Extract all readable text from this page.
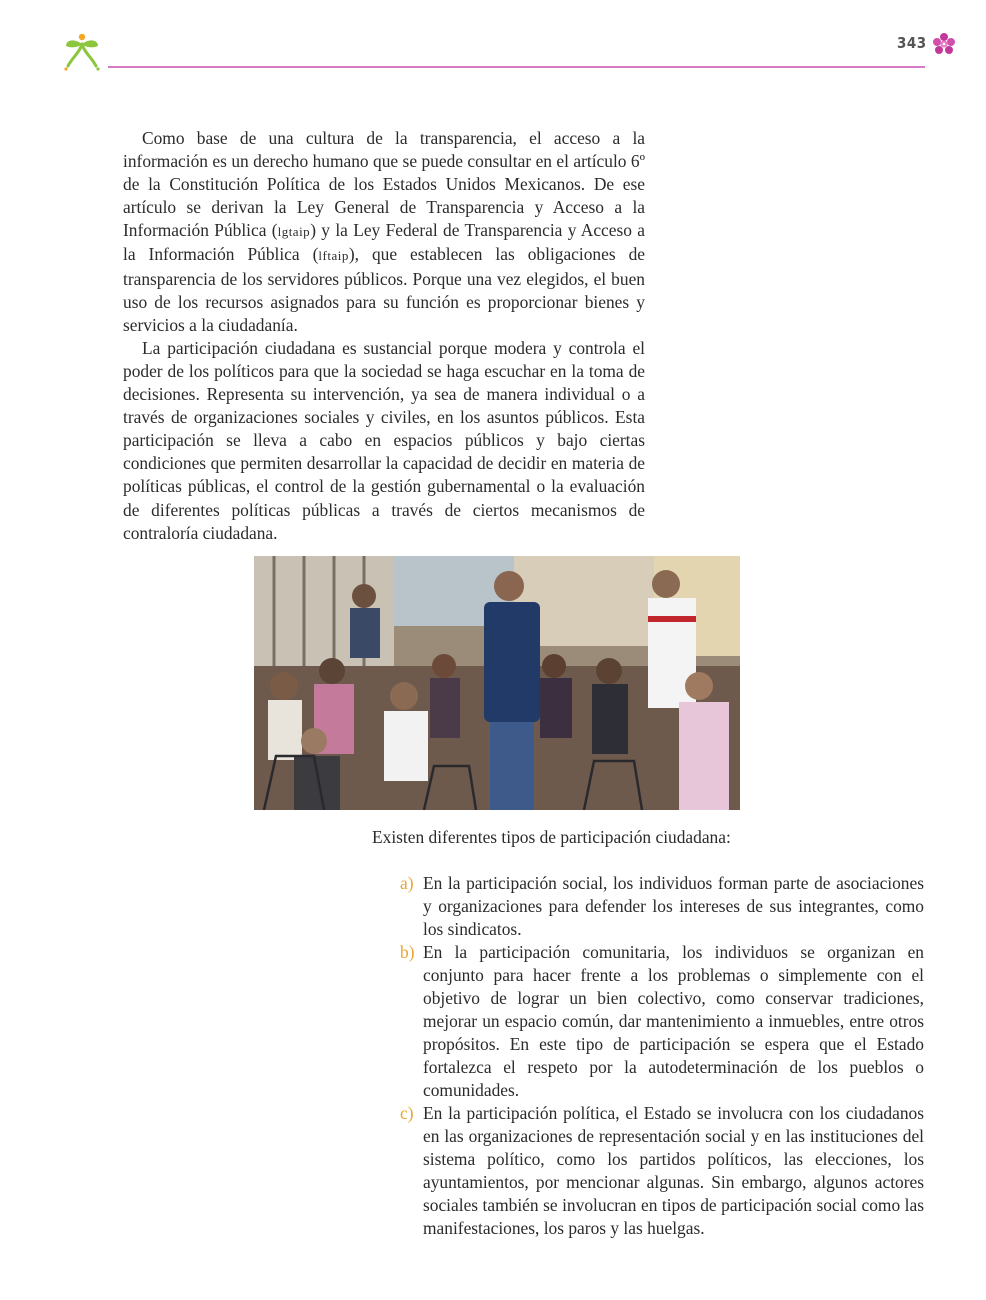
343

Como base de una cultura de la transparencia, el acceso a la información es un derecho humano que se puede consultar en el artículo 6º de la Constitución Política de los Estados Unidos Mexicanos. De ese artículo se derivan la Ley General de Transparencia y Acceso a la Información Pública (lgtaip) y la Ley Federal de Transparencia y Acceso a la Información Pública (lftaip), que establecen las obligaciones de transparencia de los servidores públicos. Porque una vez elegidos, el buen uso de los recursos asignados para su función es proporcionar bienes y servicios a la ciudadanía.

La participación ciudadana es sustancial porque modera y controla el poder de los políticos para que la sociedad se haga escuchar en la toma de decisiones. Representa su intervención, ya sea de manera individual o a través de organizaciones sociales y civiles, en los asuntos públicos. Esta participación se lleva a cabo en espacios públicos y bajo ciertas condiciones que permiten desarrollar la capacidad de decidir en materia de políticas públicas, el control de la gestión gubernamental o la evaluación de diferentes políticas públicas a través de ciertos mecanismos de contraloría ciudadana.

Existen diferentes tipos de participación ciudadana:
a) En la participación social, los individuos forman parte de asociaciones y organizaciones para defender los intereses de sus integrantes, como los sindicatos.
b) En la participación comunitaria, los individuos se organizan en conjunto para hacer frente a los problemas o simplemente con el objetivo de lograr un bien colectivo, como conservar tradiciones, mejorar un espacio común, dar mantenimiento a inmuebles, entre otros propósitos. En este tipo de participación se espera que el Estado fortalezca el respeto por la autodeterminación de los pueblos o comunidades.
c) En la participación política, el Estado se involucra con los ciudadanos en las organizaciones de representación social y en las instituciones del sistema político, como los partidos políticos, las elecciones, los ayuntamientos, por mencionar algunas. Sin embargo, algunos actores sociales también se involucran en tipos de participación social como las manifestaciones, los paros y las huelgas.
